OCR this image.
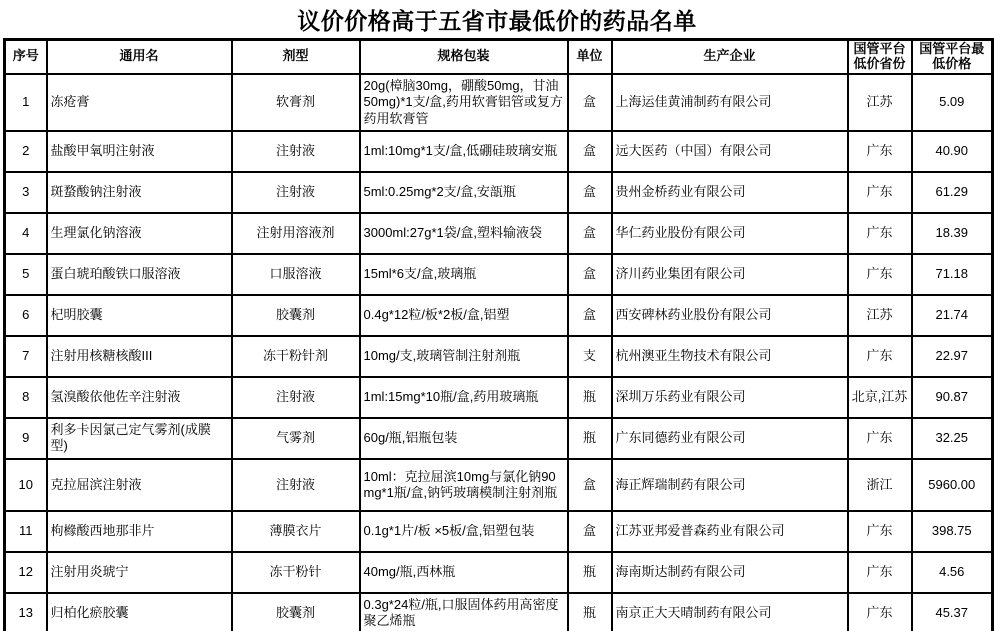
议价价格高于五省市最低价的药品名单
序号	通用名	剂型	规格包装	单位	生产企业	国管平台低价省份	国管平台最低价格
1	冻疮膏	软膏剂	20g(樟脑30mg，硼酸50mg，甘油50mg)*1支/盒,药用软膏铝管或复方药用软膏管	盒	上海运佳黄浦制药有限公司	江苏	5.09
2	盐酸甲氧明注射液	注射液	1ml:10mg*1支/盒,低硼硅玻璃安瓶	盒	远大医药（中国）有限公司	广东	40.90
3	斑蝥酸钠注射液	注射液	5ml:0.25mg*2支/盒,安瓿瓶	盒	贵州金桥药业有限公司	广东	61.29
4	生理氯化钠溶液	注射用溶液剂	3000ml:27g*1袋/盒,塑料输液袋	盒	华仁药业股份有限公司	广东	18.39
5	蛋白琥珀酸铁口服溶液	口服溶液	15ml*6支/盒,玻璃瓶	盒	济川药业集团有限公司	广东	71.18
6	杞明胶囊	胶囊剂	0.4g*12粒/板*2板/盒,铝塑	盒	西安碑林药业股份有限公司	江苏	21.74
7	注射用核糖核酸III	冻干粉针剂	10mg/支,玻璃管制注射剂瓶	支	杭州澳亚生物技术有限公司	广东	22.97
8	氢溴酸依他佐辛注射液	注射液	1ml:15mg*10瓶/盒,药用玻璃瓶	瓶	深圳万乐药业有限公司	北京,江苏	90.87
9	利多卡因氯己定气雾剂(成膜型)	气雾剂	60g/瓶,铝瓶包装	瓶	广东同德药业有限公司	广东	32.25
10	克拉屈滨注射液	注射液	10ml：克拉屈滨10mg与氯化钠90mg*1瓶/盒,钠钙玻璃模制注射剂瓶	盒	海正辉瑞制药有限公司	浙江	5960.00
11	枸橼酸西地那非片	薄膜衣片	0.1g*1片/板 ×5板/盒,铝塑包装	盒	江苏亚邦爱普森药业有限公司	广东	398.75
12	注射用炎琥宁	冻干粉针	40mg/瓶,西林瓶	瓶	海南斯达制药有限公司	广东	4.56
13	归柏化瘀胶囊	胶囊剂	0.3g*24粒/瓶,口服固体药用高密度聚乙烯瓶	瓶	南京正大天晴制药有限公司	广东	45.37
